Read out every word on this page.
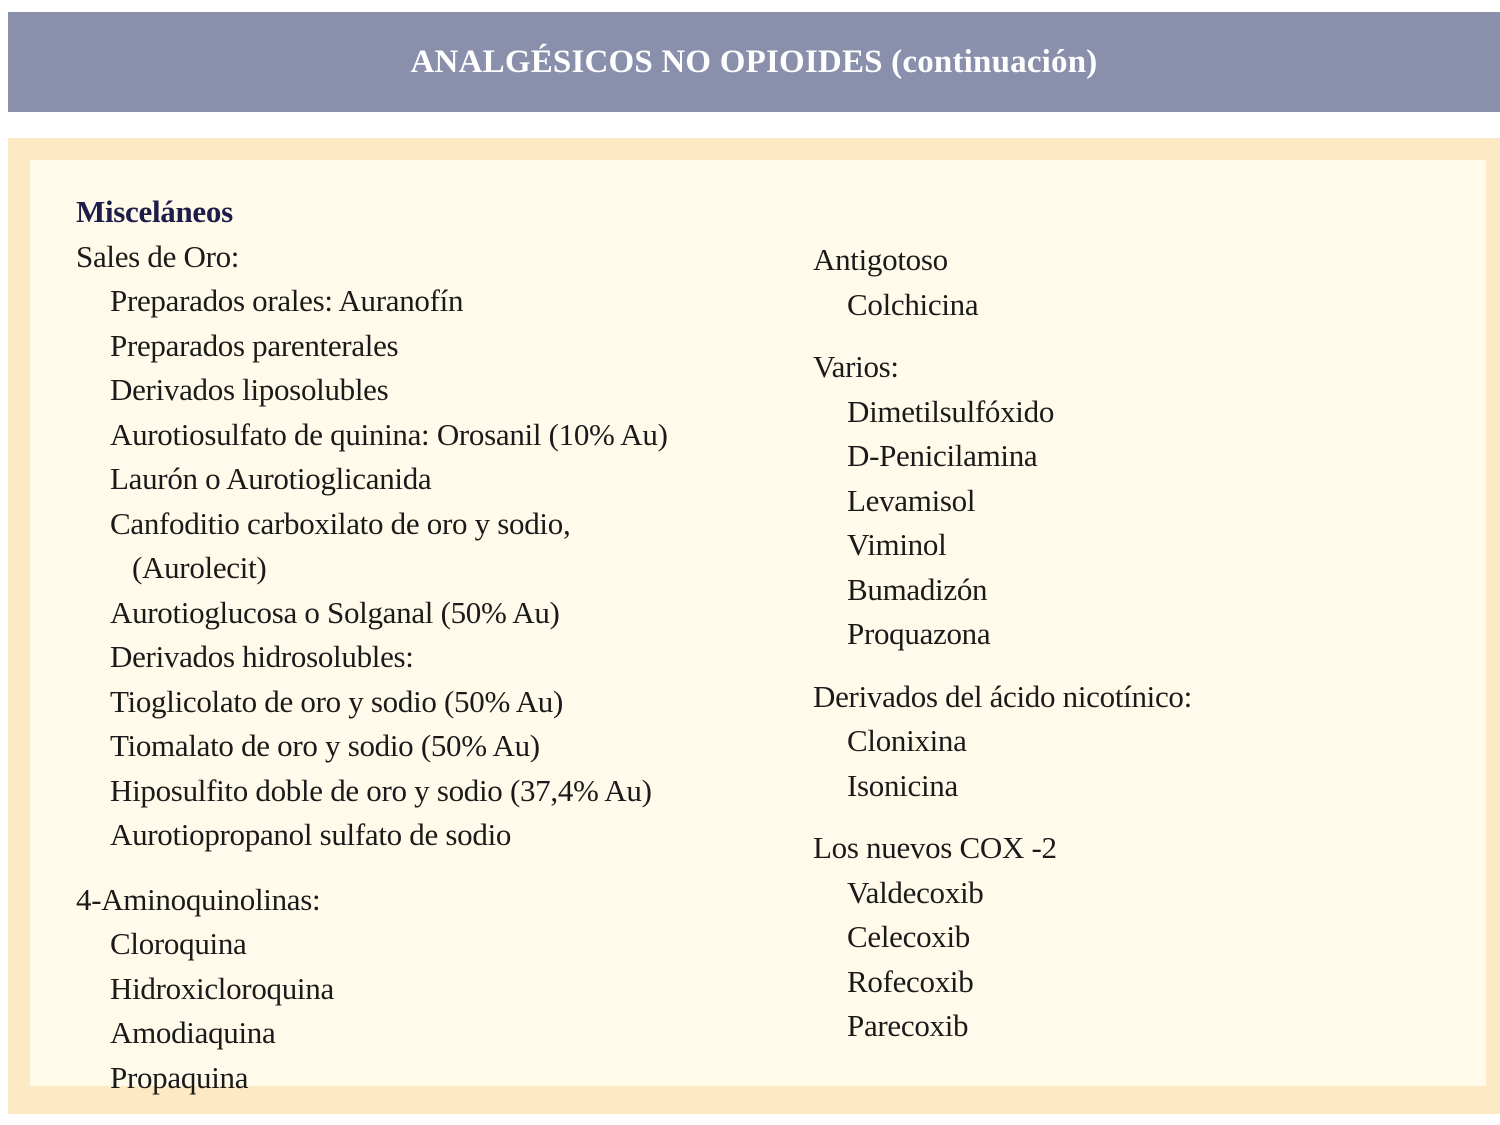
ANALGÉSICOS NO OPIOIDES (continuación)
Misceláneos
Sales de Oro:
Preparados orales: Auranofín
Preparados parenterales
Derivados liposolubles
Aurotiosulfato de quinina: Orosanil (10% Au)
Laurón o Aurotioglicanida
Canfoditio carboxilato de oro y sodio,
(Aurolecit)
Aurotioglucosa o Solganal (50% Au)
Derivados hidrosolubles:
Tioglicolato de oro y sodio (50% Au)
Tiomalato de oro y sodio (50% Au)
Hiposulfito doble de oro y sodio (37,4% Au)
Aurotiopropanol sulfato de sodio
4-Aminoquinolinas:
Cloroquina
Hidroxicloroquina
Amodiaquina
Propaquina
Antigotoso
Colchicina
Varios:
Dimetilsulfóxido
D-Penicilamina
Levamisol
Viminol
Bumadizón
Proquazona
Derivados del ácido nicotínico:
Clonixina
Isonicina
Los nuevos COX -2
Valdecoxib
Celecoxib
Rofecoxib
Parecoxib
